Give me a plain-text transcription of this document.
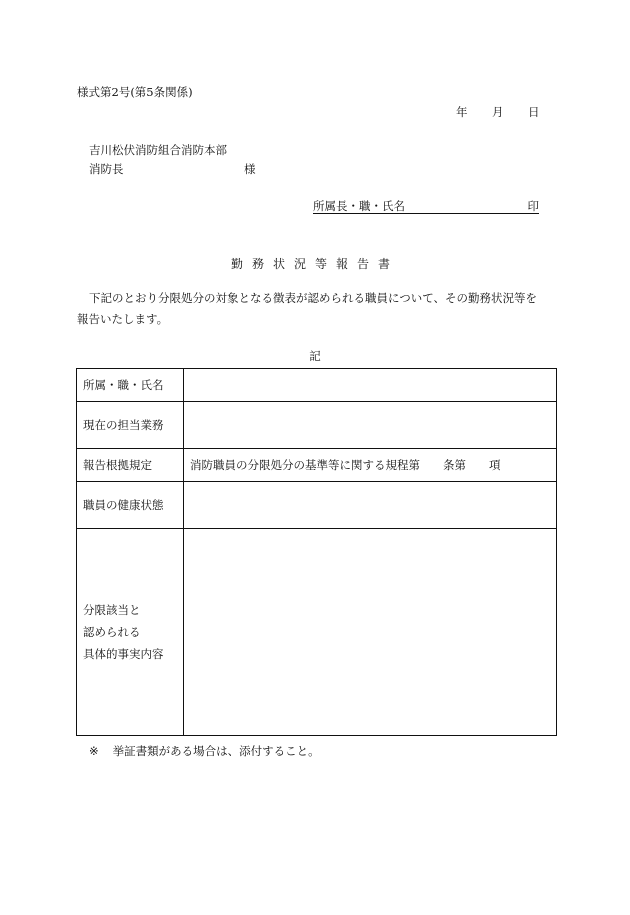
様式第2号(第5条関係)
年 月 日
吉川松伏消防組合消防本部
消防長	様
所属長・職・氏名	印

勤務状況等報告書
下記のとおり分限処分の対象となる徴表が認められる職員について、その勤務状況等を
報告いたします。
記
所属・職・氏名	
現在の担当業務	
報告根拠規定	消防職員の分限処分の基準等に関する規程第　　条第　　項
職員の健康状態	

分限該当と
認められる
具体的事実内容	

※ 挙証書類がある場合は、添付すること。
